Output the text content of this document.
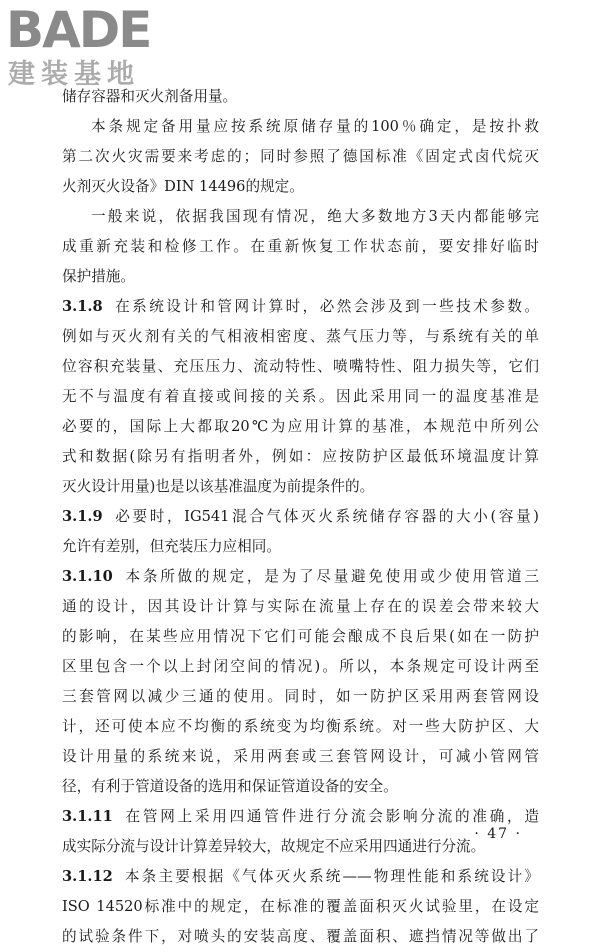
BADE
建装基地
储存容器和灭火剂备用量。
本条规定备用量应按系统原储存量的100％确定，是按扑救
第二次火灾需要来考虑的；同时参照了德国标准《固定式卤代烷灭
火剂灭火设备》DIN 14496的规定。
一般来说，依据我国现有情况，绝大多数地方3天内都能够完
成重新充装和检修工作。在重新恢复工作状态前，要安排好临时
保护措施。
3.1.8 在系统设计和管网计算时，必然会涉及到一些技术参数。
例如与灭火剂有关的气相液相密度、蒸气压力等，与系统有关的单
位容积充装量、充压压力、流动特性、喷嘴特性、阻力损失等，它们
无不与温度有着直接或间接的关系。因此采用同一的温度基准是
必要的，国际上大都取20℃为应用计算的基准，本规范中所列公
式和数据(除另有指明者外，例如：应按防护区最低环境温度计算
灭火设计用量)也是以该基准温度为前提条件的。
3.1.9 必要时，IG541混合气体灭火系统储存容器的大小(容量)
允许有差别，但充装压力应相同。
3.1.10 本条所做的规定，是为了尽量避免使用或少使用管道三
通的设计，因其设计计算与实际在流量上存在的误差会带来较大
的影响，在某些应用情况下它们可能会酿成不良后果(如在一防护
区里包含一个以上封闭空间的情况)。所以，本条规定可设计两至
三套管网以减少三通的使用。同时，如一防护区采用两套管网设
计，还可使本应不均衡的系统变为均衡系统。对一些大防护区、大
设计用量的系统来说，采用两套或三套管网设计，可减小管网管
径，有利于管道设备的选用和保证管道设备的安全。
3.1.11 在管网上采用四通管件进行分流会影响分流的准确，造
成实际分流与设计计算差异较大，故规定不应采用四通进行分流。
3.1.12 本条主要根据《气体灭火系统——物理性能和系统设计》
ISO 14520标准中的规定，在标准的覆盖面积灭火试验里，在设定
的试验条件下，对喷头的安装高度、覆盖面积、遮挡情况等做出了
· 47 ·
